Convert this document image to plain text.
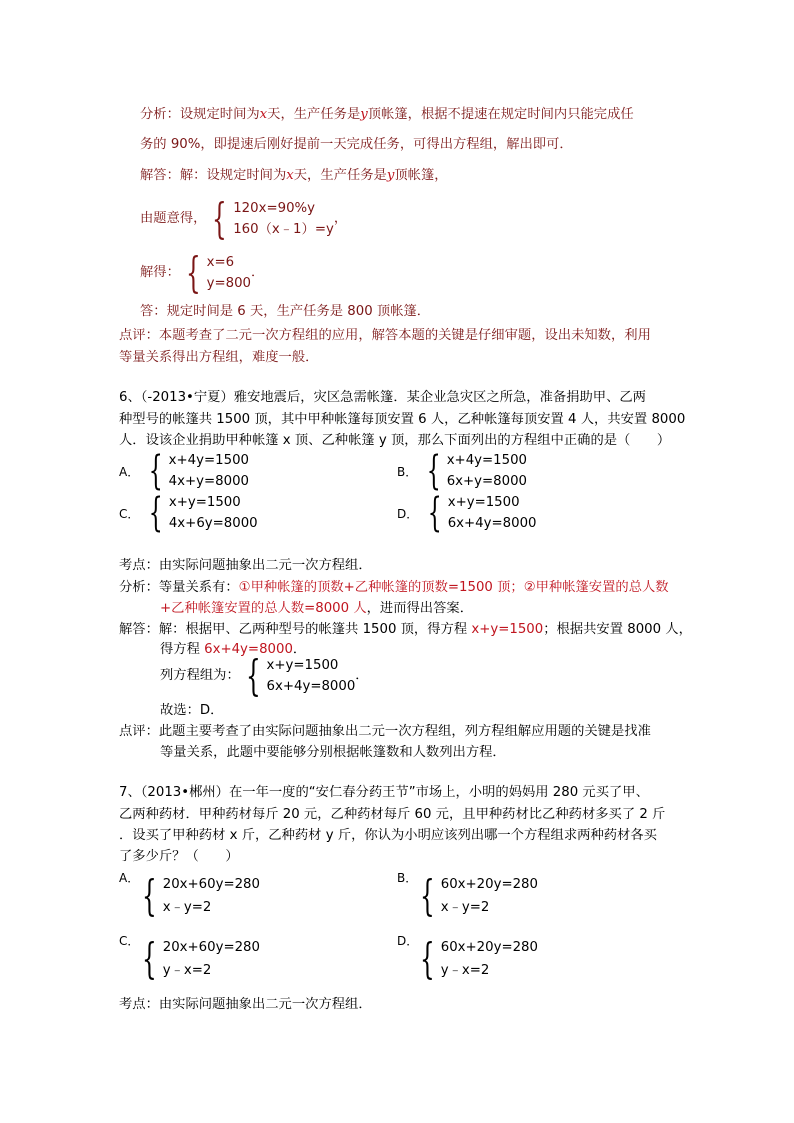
分析：设规定时间为x天，生产任务是y顶帐篷，根据不提速在规定时间内只能完成任
务的 90%，即提速后刚好提前一天完成任务，可得出方程组，解出即可．
解答：解：设规定时间为x天，生产任务是y顶帐篷，
由题意得， { 120x=90%y
160（x﹣1）=y
，
解得： { x=6
y=800
．
答：规定时间是 6 天，生产任务是 800 顶帐篷．
点评：本题考查了二元一次方程组的应用，解答本题的关键是仔细审题，设出未知数，利用
等量关系得出方程组，难度一般．
6、（-2013•宁夏）雅安地震后，灾区急需帐篷．某企业急灾区之所急，准备捐助甲、乙两
种型号的帐篷共 1500 顶，其中甲种帐篷每顶安置 6 人，乙种帐篷每顶安置 4 人，共安置 8000
人．设该企业捐助甲种帐篷 x 顶、乙种帐篷 y 顶，那么下面列出的方程组中正确的是（　　）
A． { x+4y=1500
4x+y=8000
B． { x+4y=1500
6x+y=8000
C． { x+y=1500
4x+6y=8000
D． { x+y=1500
6x+4y=8000
考点：由实际问题抽象出二元一次方程组．
分析：等量关系有：①甲种帐篷的顶数+乙种帐篷的顶数=1500 顶；②甲种帐篷安置的总人数
+乙种帐篷安置的总人数=8000 人，进而得出答案．
解答：解：根据甲、乙两种型号的帐篷共 1500 顶，得方程 x+y=1500；根据共安置 8000 人，
得方程 6x+4y=8000．
列方程组为： { x+y=1500
6x+4y=8000
．
故选：D．
点评：此题主要考查了由实际问题抽象出二元一次方程组，列方程组解应用题的关键是找准
等量关系，此题中要能够分别根据帐篷数和人数列出方程．
7、（2013•郴州）在一年一度的“安仁春分药王节”市场上，小明的妈妈用 280 元买了甲、
乙两种药材．甲种药材每斤 20 元，乙种药材每斤 60 元，且甲种药材比乙种药材多买了 2 斤
．设买了甲种药材 x 斤，乙种药材 y 斤，你认为小明应该列出哪一个方程组求两种药材各买
了多少斤？（　　）
A． { 20x+60y=280
x﹣y=2
B． { 60x+20y=280
x﹣y=2
C． { 20x+60y=280
y﹣x=2
D． { 60x+20y=280
y﹣x=2
考点：由实际问题抽象出二元一次方程组．
